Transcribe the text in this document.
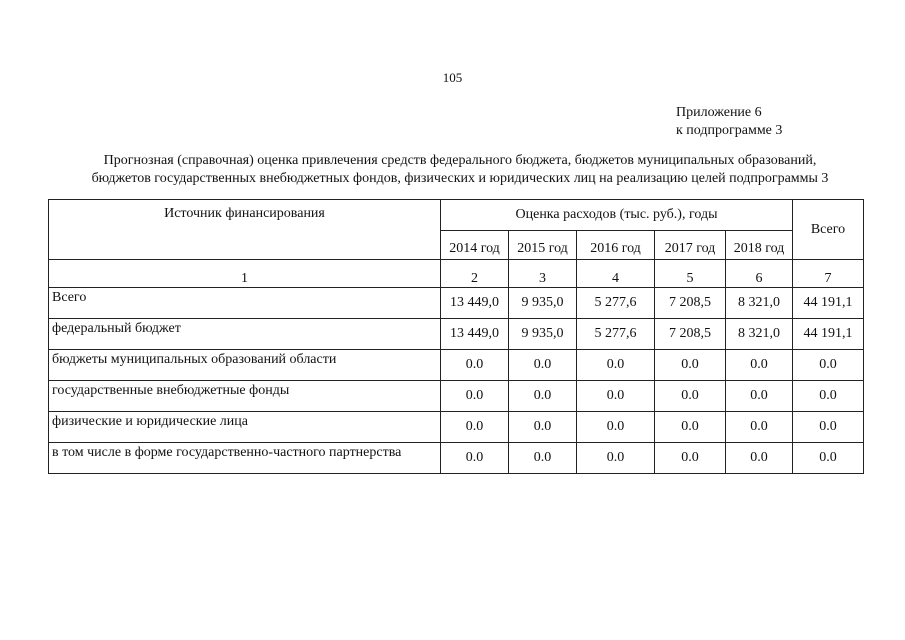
105
Приложение 6
к подпрограмме 3
Прогнозная (справочная) оценка привлечения средств федерального бюджета, бюджетов муниципальных образований,
бюджетов государственных внебюджетных фондов, физических и юридических лиц на реализацию целей подпрограммы 3
Источник финансирования	Оценка расходов (тыс. руб.), годы					Всего
	2014 год	2015 год	2016 год	2017 год	2018 год	
1	2	3	4	5	6	7
Всего	13 449,0	9 935,0	5 277,6	7 208,5	8 321,0	44 191,1
федеральный бюджет	13 449,0	9 935,0	5 277,6	7 208,5	8 321,0	44 191,1
бюджеты муниципальных образований области	0.0	0.0	0.0	0.0	0.0	0.0
государственные внебюджетные фонды	0.0	0.0	0.0	0.0	0.0	0.0
физические и юридические лица	0.0	0.0	0.0	0.0	0.0	0.0
в том числе в форме государственно-частного партнерства	0.0	0.0	0.0	0.0	0.0	0.0
